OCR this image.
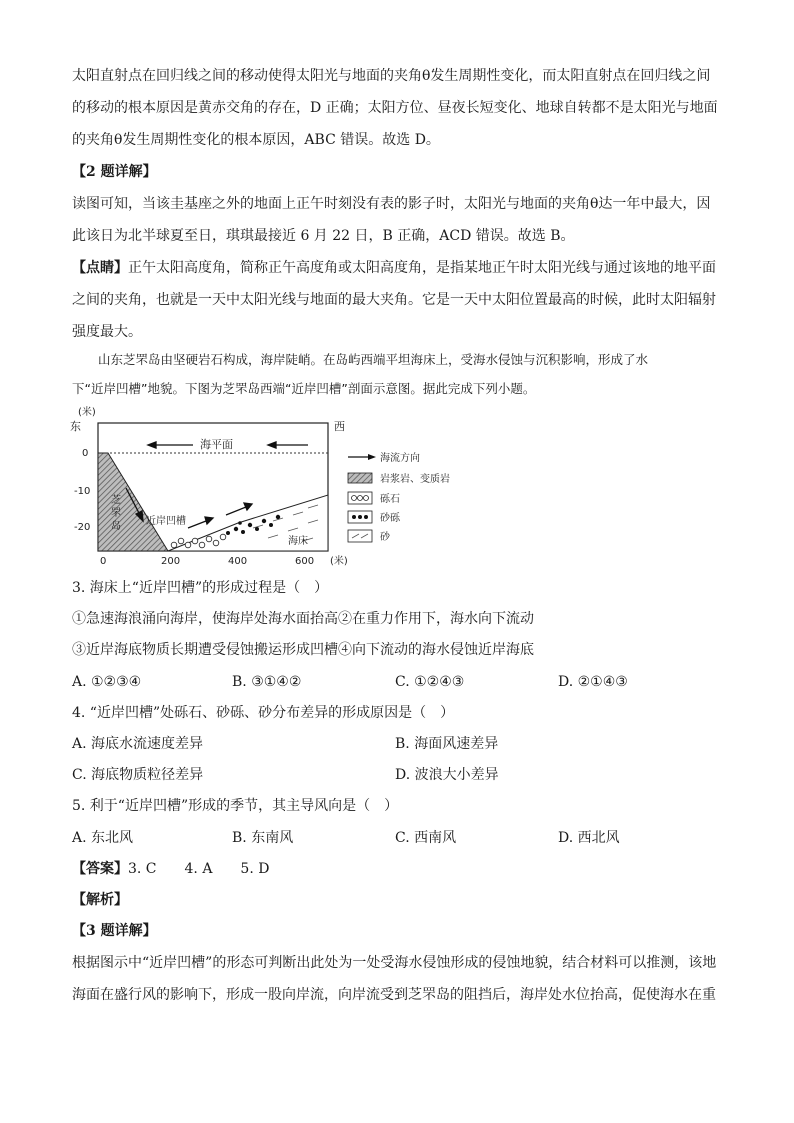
太阳直射点在回归线之间的移动使得太阳光与地面的夹角θ发生周期性变化，而太阳直射点在回归线之间
的移动的根本原因是黄赤交角的存在，D 正确；太阳方位、昼夜长短变化、地球自转都不是太阳光与地面
的夹角θ发生周期性变化的根本原因，ABC 错误。故选 D。
【2 题详解】
读图可知，当该圭基座之外的地面上正午时刻没有表的影子时，太阳光与地面的夹角θ达一年中最大，因
此该日为北半球夏至日，琪琪最接近 6 月 22 日，B 正确，ACD 错误。故选 B。
【点睛】正午太阳高度角，简称正午高度角或太阳高度角，是指某地正午时太阳光线与通过该地的地平面
之间的夹角，也就是一天中太阳光线与地面的最大夹角。它是一天中太阳位置最高的时候，此时太阳辐射
强度最大。
山东芝罘岛由坚硬岩石构成，海岸陡峭。在岛屿西端平坦海床上，受海水侵蚀与沉积影响，形成了水
下“近岸凹槽”地貌。下图为芝罘岛西端“近岸凹槽”剖面示意图。据此完成下列小题。
(米)
东	西
海平面
芝
罘
岛	近岸凹槽
海床
0
-10
-20
0	200	400	600 (米)
海流方向
岩浆岩、变质岩
砾石
砂砾
砂
3. 海床上“近岸凹槽”的形成过程是（　）
①急速海浪涌向海岸，使海岸处海水面抬高②在重力作用下，海水向下流动
③近岸海底物质长期遭受侵蚀搬运形成凹槽④向下流动的海水侵蚀近岸海底
A. ①②③④	B. ③①④②	C. ①②④③	D. ②①④③
4. “近岸凹槽”处砾石、砂砾、砂分布差异的形成原因是（　）
A. 海底水流速度差异	B. 海面风速差异
C. 海底物质粒径差异	D. 波浪大小差异
5. 利于“近岸凹槽”形成的季节，其主导风向是（　）
A. 东北风	B. 东南风	C. 西南风	D. 西北风
【答案】3. C　　4. A　　5. D
【解析】
【3 题详解】
根据图示中“近岸凹槽”的形态可判断出此处为一处受海水侵蚀形成的侵蚀地貌，结合材料可以推测，该地
海面在盛行风的影响下，形成一股向岸流，向岸流受到芝罘岛的阻挡后，海岸处水位抬高，促使海水在重
